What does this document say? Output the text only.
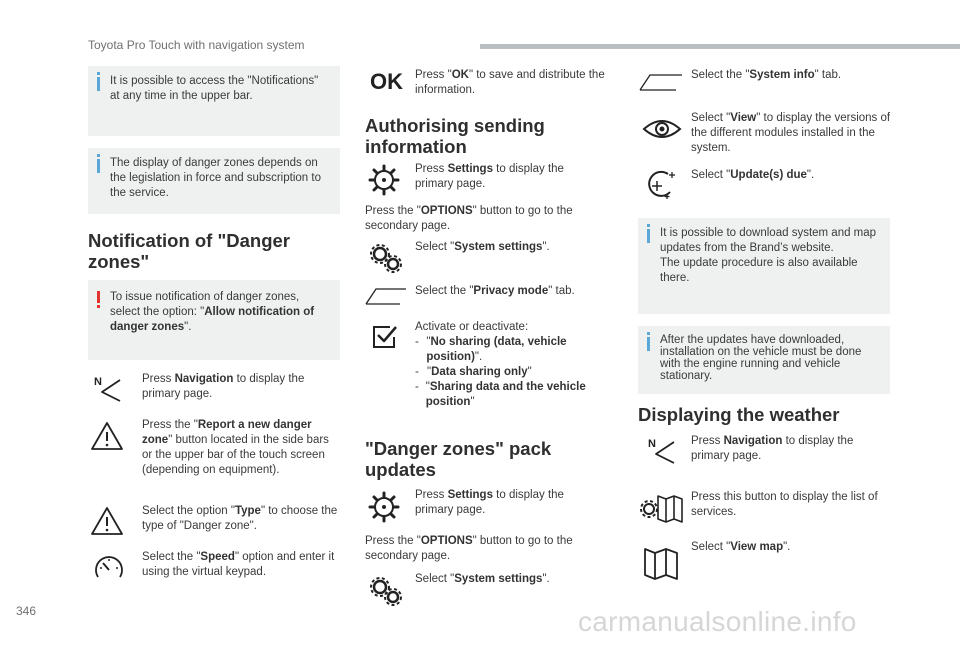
Toyota Pro Touch with navigation system
346	carmanualsonline.info
It is possible to access the "Notifications" at any time in the upper bar.
The display of danger zones depends on the legislation in force and subscription to the service.
Notification of "Danger zones"
To issue notification of danger zones, select the option: "Allow notification of danger zones".
N	Press Navigation to display the primary page.
Press the "Report a new danger zone" button located in the side bars or the upper bar of the touch screen (depending on equipment).
Select the option "Type" to choose the type of "Danger zone".
Select the "Speed" option and enter it using the virtual keypad.
OK Press "OK" to save and distribute the information.
Authorising sending information
Press Settings to display the primary page.
Press the "OPTIONS" button to go to the secondary page.
Select "System settings".
Select the "Privacy mode" tab.
Activate or deactivate:
- "No sharing (data, vehicle position)".
- "Data sharing only"
- "Sharing data and the vehicle position"
"Danger zones" pack updates
Press Settings to display the primary page.
Press the "OPTIONS" button to go to the secondary page.
Select "System settings".
Select the "System info" tab.
Select "View" to display the versions of the different modules installed in the system.
Select "Update(s) due".
It is possible to download system and map updates from the Brand’s website.
The update procedure is also available there.
After the updates have downloaded, installation on the vehicle must be done with the engine running and vehicle stationary.
Displaying the weather
N	Press Navigation to display the primary page.
Press this button to display the list of services.
Select "View map".
